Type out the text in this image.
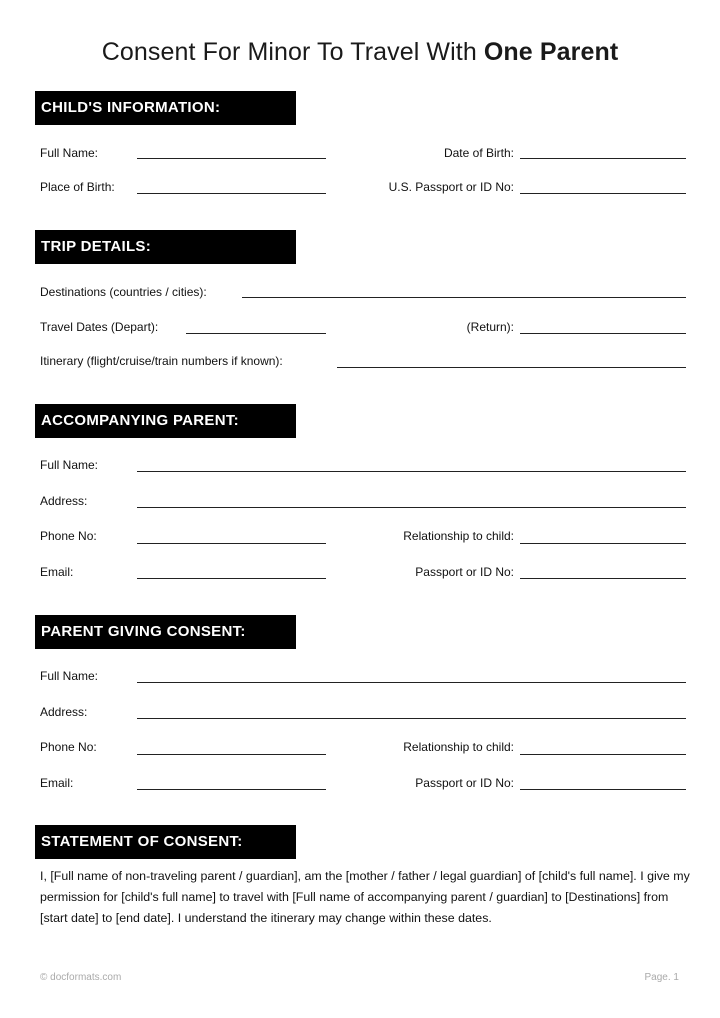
Consent For Minor To Travel With One Parent
CHILD'S INFORMATION:
Full Name:	Date of Birth:
Place of Birth:	U.S. Passport or ID No:
TRIP DETAILS:
Destinations (countries / cities):
Travel Dates (Depart):	(Return):
Itinerary (flight/cruise/train numbers if known):
ACCOMPANYING PARENT:
Full Name:
Address:
Phone No:	Relationship to child:
Email:	Passport or ID No:
PARENT GIVING CONSENT:
Full Name:
Address:
Phone No:	Relationship to child:
Email:	Passport or ID No:
STATEMENT OF CONSENT:

I, [Full name of non-traveling parent / guardian], am the [mother / father / legal guardian] of [child's full name]. I give my permission for [child's full name] to travel with [Full name of accompanying parent / guardian] to [Destinations] from [start date] to [end date]. I understand the itinerary may change within these dates.

© docformats.com	Page. 1
